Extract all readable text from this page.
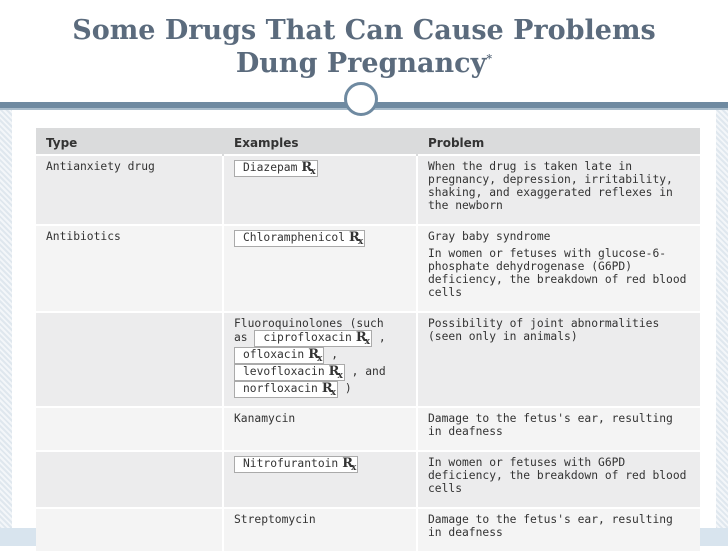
Some Drugs That Can Cause Problems
Dung Pregnancy*
Type	Examples	Problem
Antianxiety drug	Diazepam $R_x$	When the drug is taken late in pregnancy, depression, irritability, shaking, and exaggerated reflexes in the newborn

Antibiotics	Chloramphenicol $R_x$	Gray baby syndrome
In women or fetuses with glucose-6-phosphate dehydrogenase (G6PD) deficiency, the breakdown of red blood cells

	Fluoroquinolones (such
as ciprofloxacin $R_x$ ,
ofloxacin $R_x$ ,
levofloxacin $R_x$ , and
norfloxacin $R_x$ )	Possibility of joint abnormalities (seen only in animals)

	Kanamycin	Damage to the fetus's ear, resulting in deafness

	Nitrofurantoin $R_x$	In women or fetuses with G6PD deficiency, the breakdown of red blood cells

	Streptomycin	Damage to the fetus's ear, resulting in deafness
